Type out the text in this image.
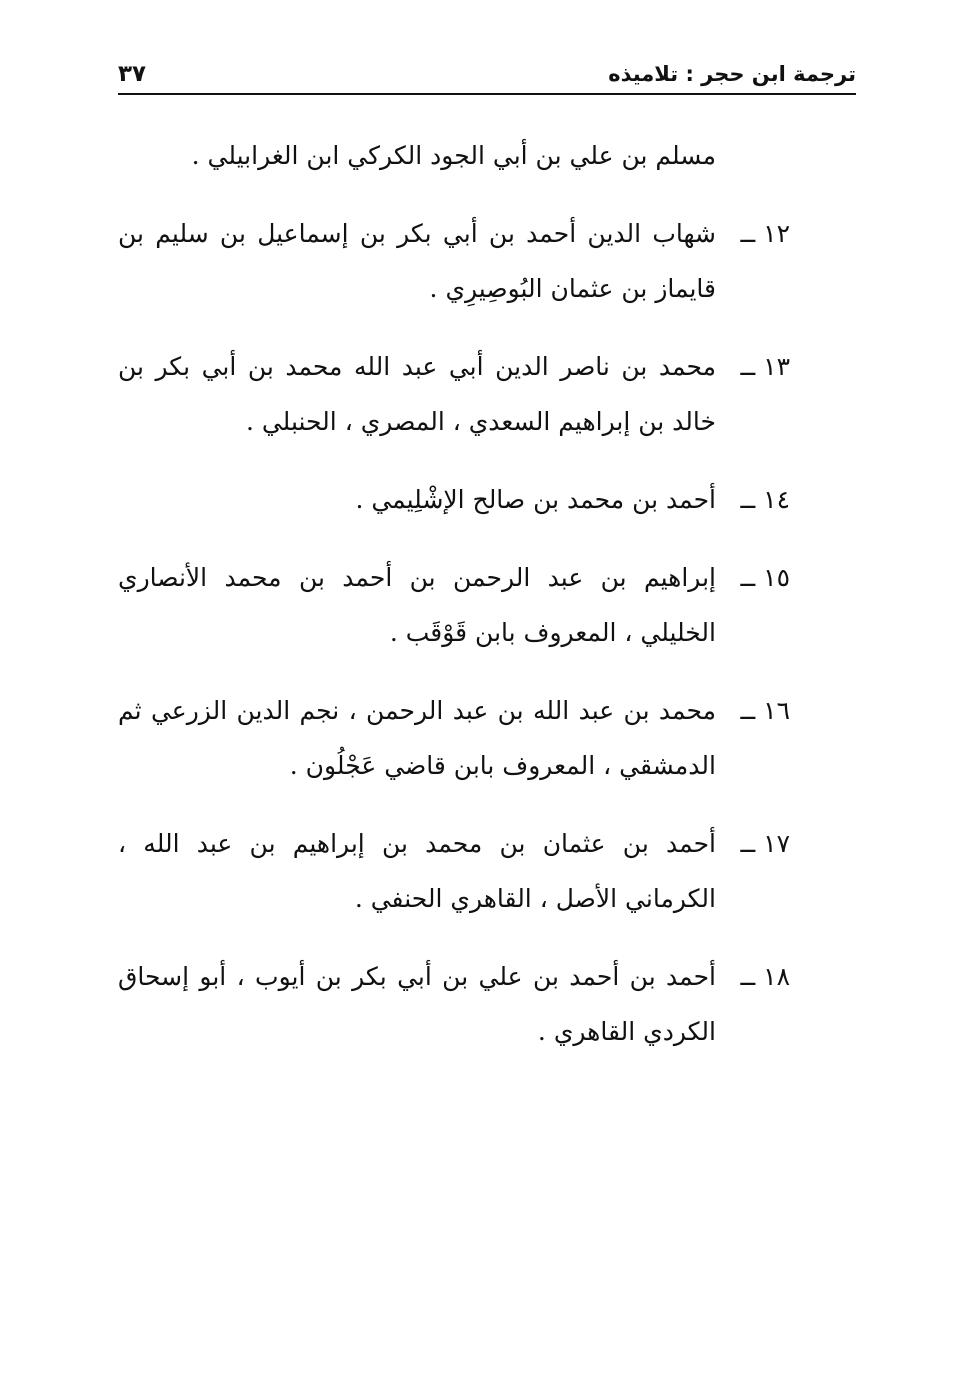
ترجمة ابن حجر : تلاميذه
٣٧
مسلم بن علي بن أبي الجود الكركي ابن الغرابيلي .
١٢ ــ
شهاب الدين أحمد بن أبي بكر بن إسماعيل بن سليم بن قايماز بن عثمان البُوصِيرِي .
١٣ ــ
محمد بن ناصر الدين أبي عبد الله محمد بن أبي بكر بن خالد بن إبراهيم السعدي ، المصري ، الحنبلي .
١٤ ــ
أحمد بن محمد بن صالح الإشْلِيمي .
١٥ ــ
إبراهيم بن عبد الرحمن بن أحمد بن محمد الأنصاري الخليلي ، المعروف بابن قَوْقَب .
١٦ ــ
محمد بن عبد الله بن عبد الرحمن ، نجم الدين الزرعي ثم الدمشقي ، المعروف بابن قاضي عَجْلُون .
١٧ ــ
أحمد بن عثمان بن محمد بن إبراهيم بن عبد الله ، الكرماني الأصل ، القاهري الحنفي .
١٨ ــ
أحمد بن أحمد بن علي بن أبي بكر بن أيوب ، أبو إسحاق الكردي القاهري .
